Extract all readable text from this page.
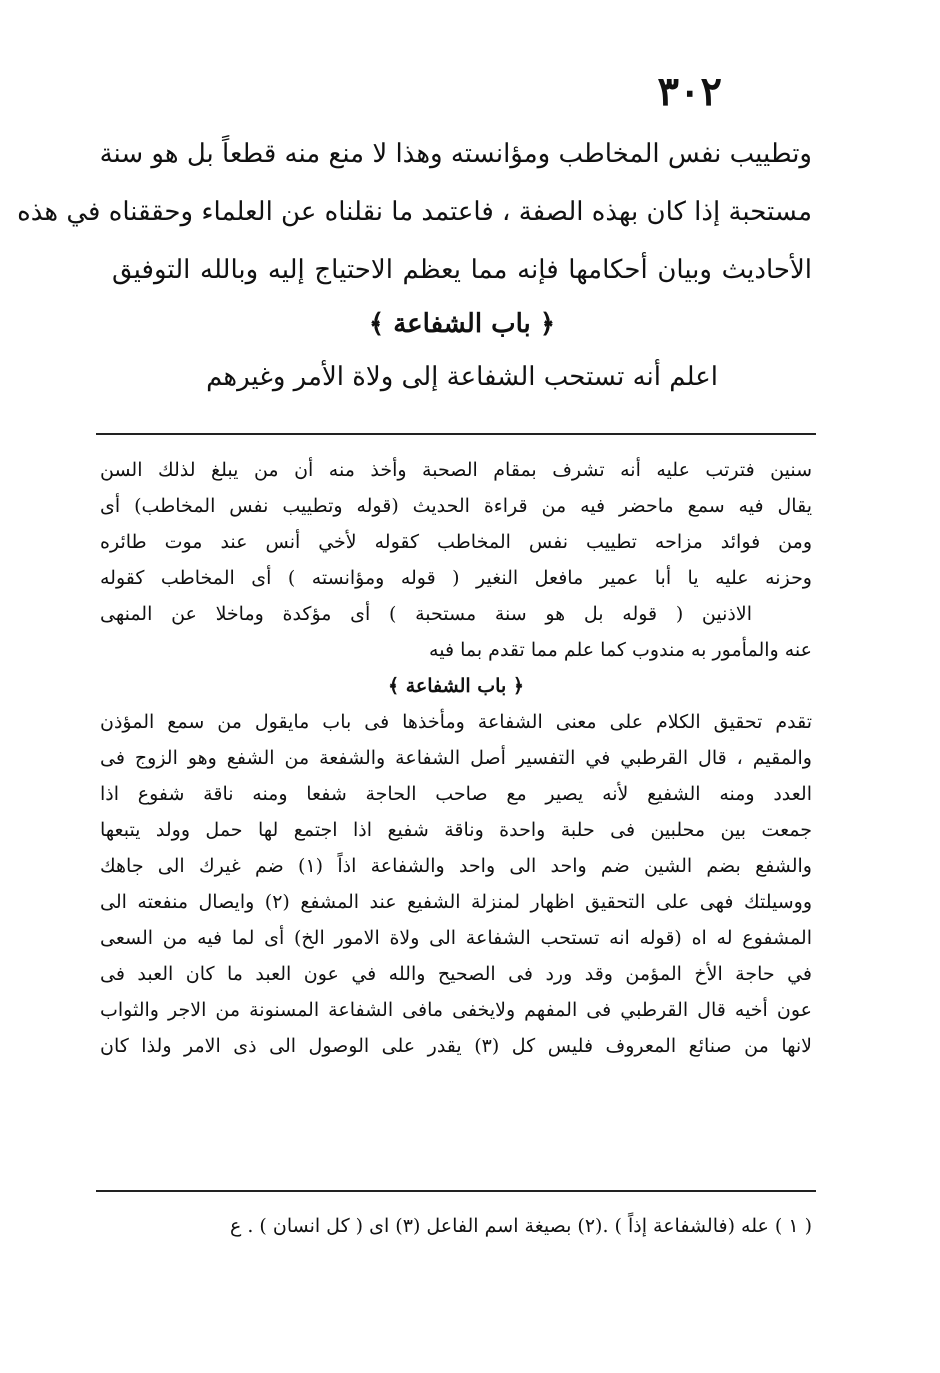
٣٠٢
وتطييب نفس المخاطب ومؤانسته وهذا لا منع منه قطعاً بل هو سنة
مستحبة إذا كان بهذه الصفة ، فاعتمد ما نقلناه عن العلماء وحققناه في هذه
الأحاديث وبيان أحكامها فإنه مما يعظم الاحتياج إليه وبالله التوفيق
﴿ باب الشفاعة ﴾
اعلم أنه تستحب الشفاعة إلى ولاة الأمر وغيرهم
سنين فترتب عليه أنه تشرف بمقام الصحبة وأخذ منه أن من يبلغ لذلك السن
يقال فيه سمع ماحضر فيه من قراءة الحديث (قوله وتطييب نفس المخاطب) أى
ومن فوائد مزاحه تطييب نفس المخاطب كقوله لأخي أنس عند موت طائره
وحزنه عليه يا أبا عمير مافعل النغير ( قوله ومؤانسته ) أى المخاطب كقوله
الاذنين ( قوله بل هو سنة مستحبة ) أى مؤكدة وماخلا عن المنهى
عنه والمأمور به مندوب كما علم مما تقدم بما فيه
﴿ باب الشفاعة ﴾
تقدم تحقيق الكلام على معنى الشفاعة ومأخذها فى باب مايقول من سمع المؤذن
والمقيم ، قال القرطبي في التفسير أصل الشفاعة والشفعة من الشفع وهو الزوج فى
العدد ومنه الشفيع لأنه يصير مع صاحب الحاجة شفعا ومنه ناقة شفوع اذا
جمعت بين محلبين فى حلبة واحدة وناقة شفيع اذا اجتمع لها حمل وولد يتبعها
والشفع بضم الشين ضم واحد الى واحد والشفاعة اذاً (١) ضم غيرك الى جاهك
ووسيلتك فهى على التحقيق اظهار لمنزلة الشفيع عند المشفع (٢) وايصال منفعته الى
المشفوع له اه (قوله انه تستحب الشفاعة الى ولاة الامور الخ) أى لما فيه من السعى
في حاجة الأخ المؤمن وقد ورد فى الصحيح والله في عون العبد ما كان العبد فى
عون أخيه قال القرطبي فى المفهم ولايخفى مافى الشفاعة المسنونة من الاجر والثواب
لانها من صنائع المعروف فليس كل (٣) يقدر على الوصول الى ذى الامر ولذا كان
( ١ ) عله (فالشفاعة إذاً ) .(٢) بصيغة اسم الفاعل (٣) اى ( كل انسان ) . ع
